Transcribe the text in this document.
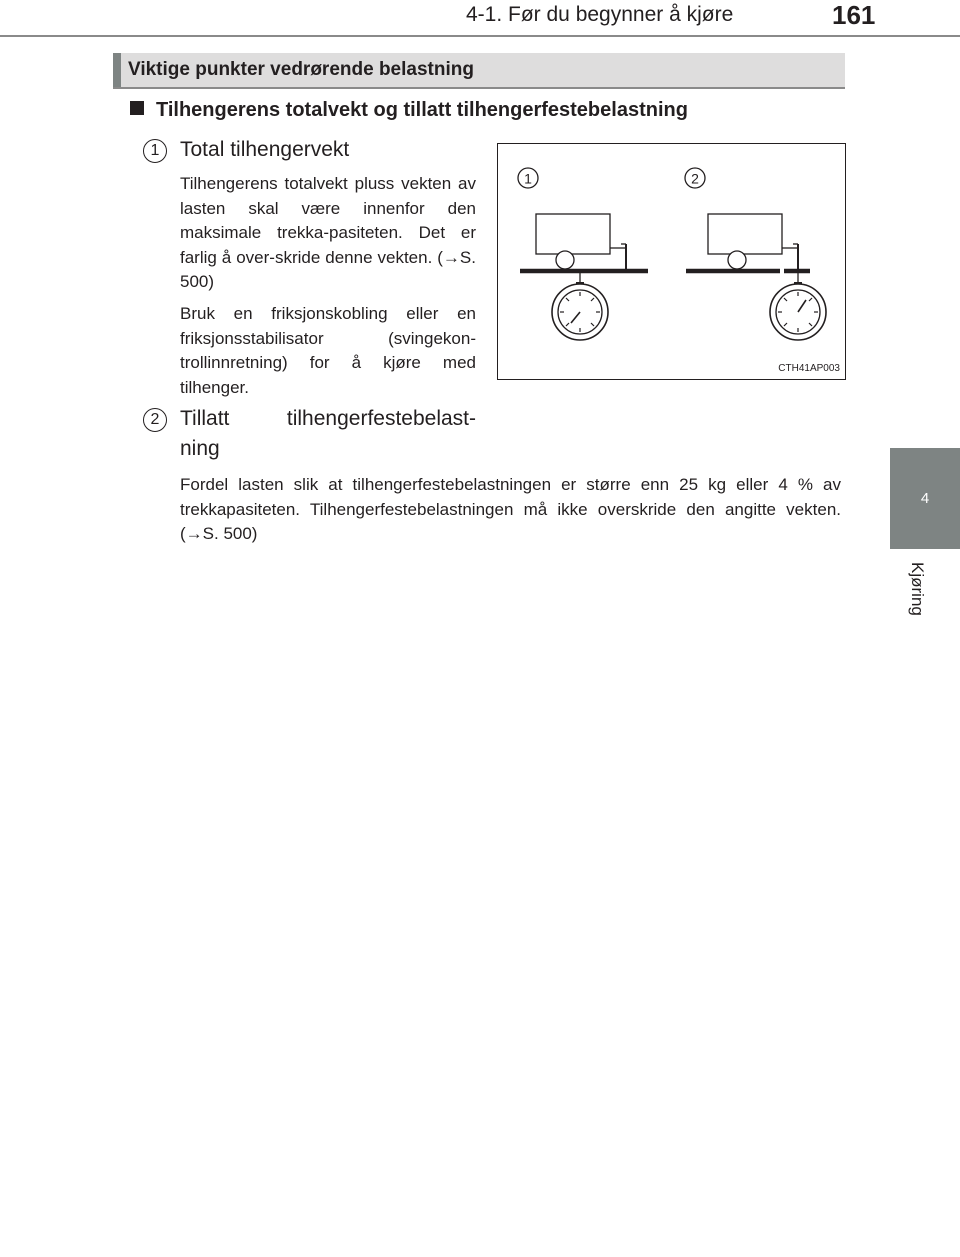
4-1. Før du begynner å kjøre	161
4
Kjøring
Viktige punkter vedrørende belastning
Tilhengerens totalvekt og tillatt tilhengerfestebelastning
1 Total tilhengervekt

Tilhengerens totalvekt pluss vekten av lasten skal være innenfor den maksimale trekka-pasiteten. Det er farlig å over-skride denne vekten. (→S. 500)

Bruk en friksjonskobling eller en friksjonsstabilisator (svingekon-trollinnretning) for å kjøre med tilhenger.

2 Tillatt tilhengerfestebelast-
ning

Fordel lasten slik at tilhengerfestebelastningen er større enn 25 kg eller 4 % av trekkapasiteten. Tilhengerfestebelastningen må ikke overskride den angitte vekten. (→S. 500)

1	2
CTH41AP003
